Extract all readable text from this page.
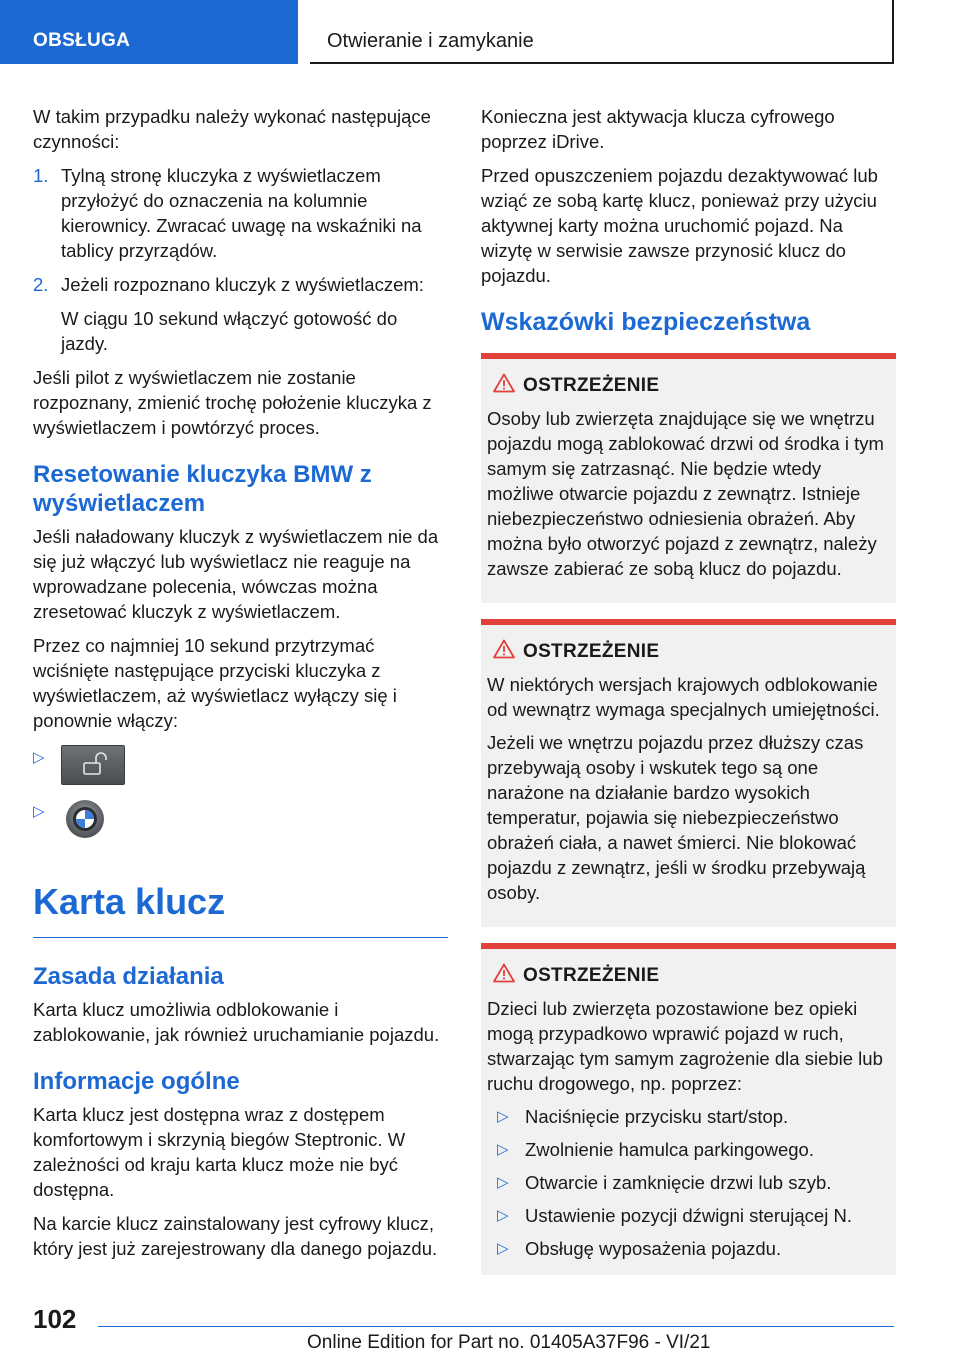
OBSŁUGA	Otwieranie i zamykanie

W takim przypadku należy wykonać następujące czynności:

1. Tylną stronę kluczyka z wyświetlaczem przyłożyć do oznaczenia na kolumnie kierownicy. Zwracać uwagę na wskaźniki na tablicy przyrządów.
2. Jeżeli rozpoznano kluczyk z wyświetlaczem:

W ciągu 10 sekund włączyć gotowość do jazdy.

Jeśli pilot z wyświetlaczem nie zostanie rozpoznany, zmienić trochę położenie kluczyka z wyświetlaczem i powtórzyć proces.

Resetowanie kluczyka BMW z wyświetlaczem

Jeśli naładowany kluczyk z wyświetlaczem nie da się już włączyć lub wyświetlacz nie reaguje na wprowadzane polecenia, wówczas można zresetować kluczyk z wyświetlaczem.

Przez co najmniej 10 sekund przytrzymać wciśnięte następujące przyciski kluczyka z wyświetlaczem, aż wyświetlacz wyłączy się i ponownie włączy:

▷
▷
Karta klucz
Zasada działania

Karta klucz umożliwia odblokowanie i zablokowanie, jak również uruchamianie pojazdu.

Informacje ogólne

Karta klucz jest dostępna wraz z dostępem komfortowym i skrzynią biegów Steptronic. W zależności od kraju karta klucz może nie być dostępna.

Na karcie klucz zainstalowany jest cyfrowy klucz, który jest już zarejestrowany dla danego pojazdu.

Konieczna jest aktywacja klucza cyfrowego poprzez iDrive.

Przed opuszczeniem pojazdu dezaktywować lub wziąć ze sobą kartę klucz, ponieważ przy użyciu aktywnej karty można uruchomić pojazd. Na wizytę w serwisie zawsze przynosić klucz do pojazdu.

Wskazówki bezpieczeństwa
OSTRZEŻENIE

Osoby lub zwierzęta znajdujące się we wnętrzu pojazdu mogą zablokować drzwi od środka i tym samym się zatrzasnąć. Nie będzie wtedy możliwe otwarcie pojazdu z zewnątrz. Istnieje niebezpieczeństwo odniesienia obrażeń. Aby można było otworzyć pojazd z zewnątrz, należy zawsze zabierać ze sobą klucz do pojazdu.

OSTRZEŻENIE

W niektórych wersjach krajowych odblokowanie od wewnątrz wymaga specjalnych umiejętności.

Jeżeli we wnętrzu pojazdu przez dłuższy czas przebywają osoby i wskutek tego są one narażone na działanie bardzo wysokich temperatur, pojawia się niebezpieczeństwo obrażeń ciała, a nawet śmierci. Nie blokować pojazdu z zewnątrz, jeśli w środku przebywają osoby.

OSTRZEŻENIE

Dzieci lub zwierzęta pozostawione bez opieki mogą przypadkowo wprawić pojazd w ruch, stwarzając tym samym zagrożenie dla siebie lub ruchu drogowego, np. poprzez:

▷ Naciśnięcie przycisku start/stop.
▷ Zwolnienie hamulca parkingowego.
▷ Otwarcie i zamknięcie drzwi lub szyb.
▷ Ustawienie pozycji dźwigni sterującej N.
▷ Obsługę wyposażenia pojazdu.
102
Online Edition for Part no. 01405A37F96 - VI/21
